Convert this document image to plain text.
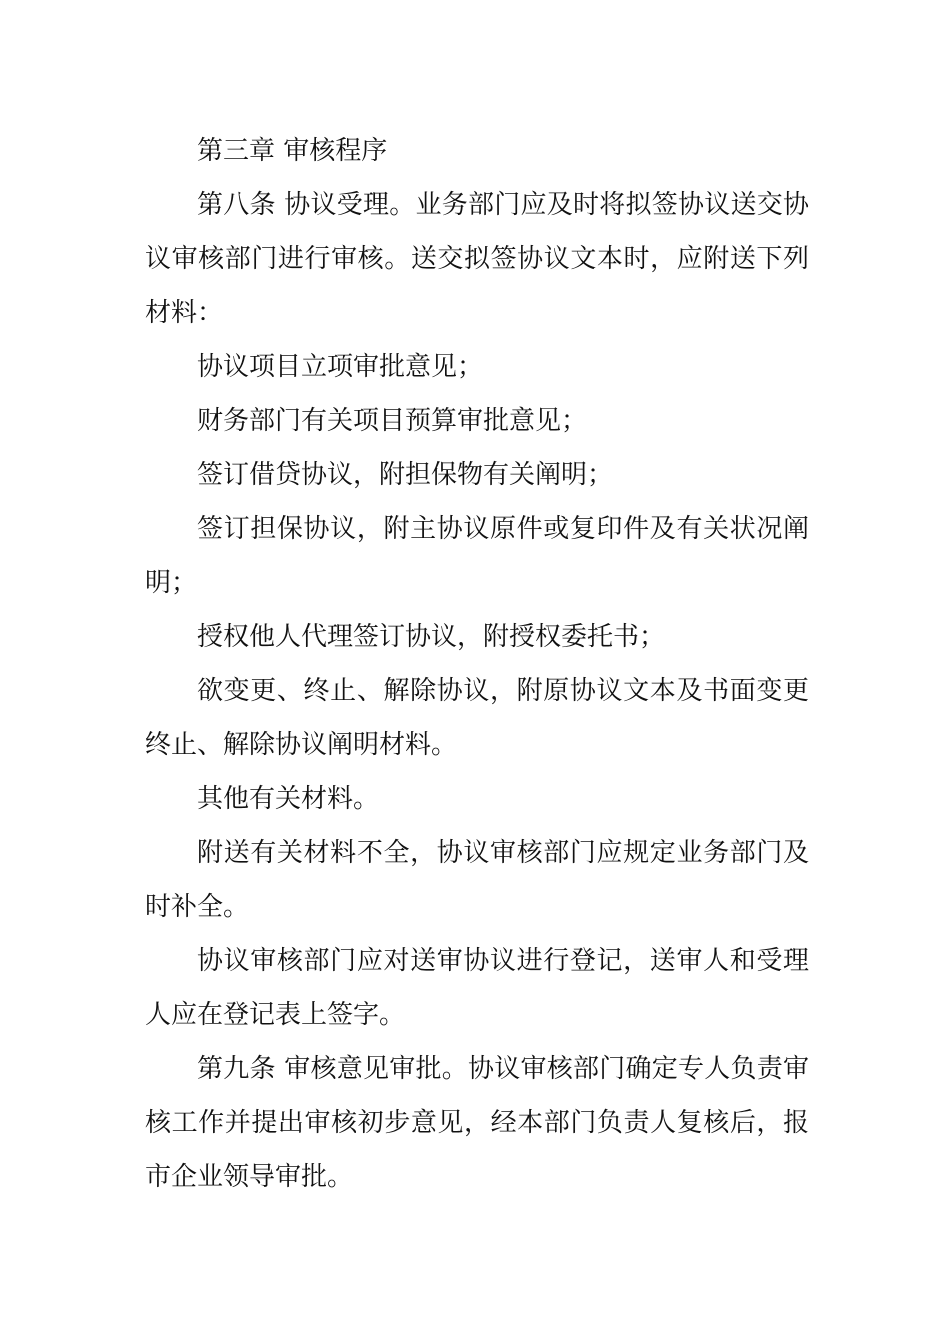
第三章 审核程序

第八条 协议受理。业务部门应及时将拟签协议送交协议审核部门进行审核。送交拟签协议文本时，应附送下列材料：

协议项目立项审批意见；

财务部门有关项目预算审批意见；

签订借贷协议，附担保物有关阐明；

签订担保协议，附主协议原件或复印件及有关状况阐明；

授权他人代理签订协议，附授权委托书；

欲变更、终止、解除协议，附原协议文本及书面变更终止、解除协议阐明材料。

其他有关材料。

附送有关材料不全，协议审核部门应规定业务部门及时补全。

协议审核部门应对送审协议进行登记，送审人和受理人应在登记表上签字。

第九条 审核意见审批。协议审核部门确定专人负责审核工作并提出审核初步意见，经本部门负责人复核后，报市企业领导审批。
